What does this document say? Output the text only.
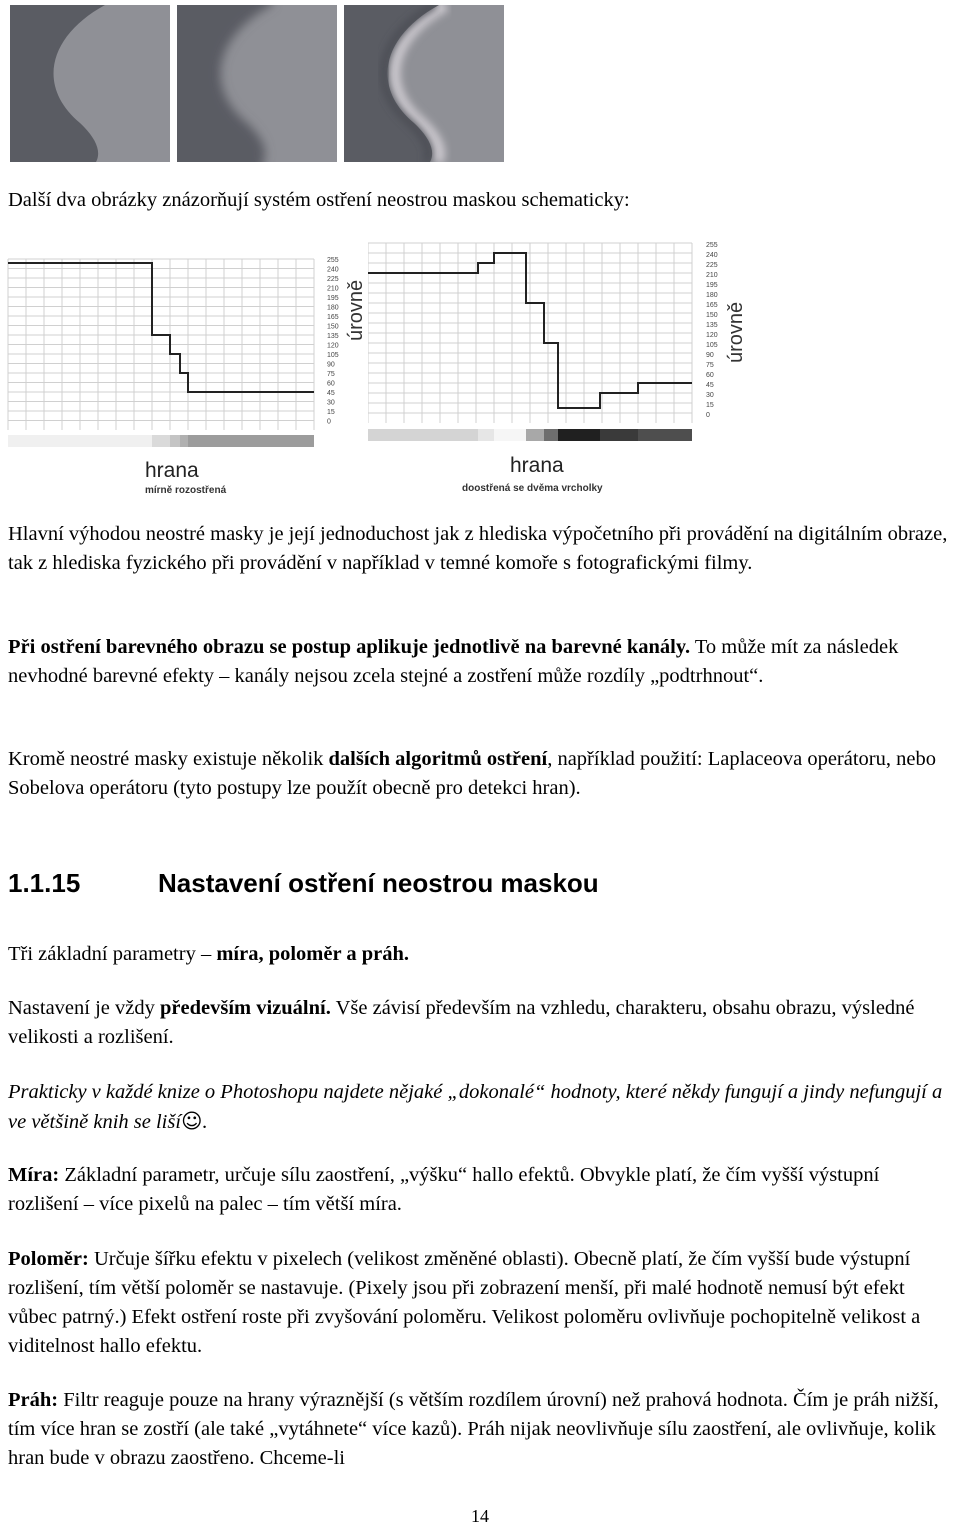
Další dva obrázky znázorňují systém ostření neostrou maskou schematicky:

255
240
225
210
195
180
165
150
135
120
105
90
75
60
45
30
15
0
úrovně
hrana
mírně rozostřená
255
240
225
210
195
180
165
150
135
120
105
90
75
60
45
30
15
0
úrovně
hrana
doostřená se dvěma vrcholky

Hlavní výhodou neostré masky je její jednoduchost jak z hlediska výpočetního při provádění na digitálním obraze, tak z hlediska fyzického při provádění v například v temné komoře s fotografickými filmy.

Při ostření barevného obrazu se postup aplikuje jednotlivě na barevné kanály. To může mít za následek nevhodné barevné efekty – kanály nejsou zcela stejné a zostření může rozdíly „podtrhnout“.

Kromě neostré masky existuje několik dalších algoritmů ostření, například použití: Laplaceova operátoru, nebo Sobelova operátoru (tyto postupy lze použít obecně pro detekci hran).

1.1.15	Nastavení ostření neostrou maskou

Tři základní parametry – míra, poloměr a práh.

Nastavení je vždy především vizuální. Vše závisí především na vzhledu, charakteru, obsahu obrazu, výsledné velikosti a rozlišení.

Prakticky v každé knize o Photoshopu najdete nějaké „dokonalé“ hodnoty, které někdy fungují a jindy nefungují a ve většině knih se liší☺.

Míra: Základní parametr, určuje sílu zaostření, „výšku“ hallo efektů. Obvykle platí, že čím vyšší výstupní rozlišení – více pixelů na palec – tím větší míra.

Poloměr: Určuje šířku efektu v pixelech (velikost změněné oblasti). Obecně platí, že čím vyšší bude výstupní rozlišení, tím větší poloměr se nastavuje. (Pixely jsou při zobrazení menší, při malé hodnotě nemusí být efekt vůbec patrný.) Efekt ostření roste při zvyšování poloměru. Velikost poloměru ovlivňuje pochopitelně velikost a viditelnost hallo efektu.

Práh: Filtr reaguje pouze na hrany výraznější (s větším rozdílem úrovní) než prahová hodnota. Čím je práh nižší, tím více hran se zostří (ale také „vytáhnete“ více kazů). Práh nijak neovlivňuje sílu zaostření, ale ovlivňuje, kolik hran bude v obrazu zaostřeno. Chceme-li

14
